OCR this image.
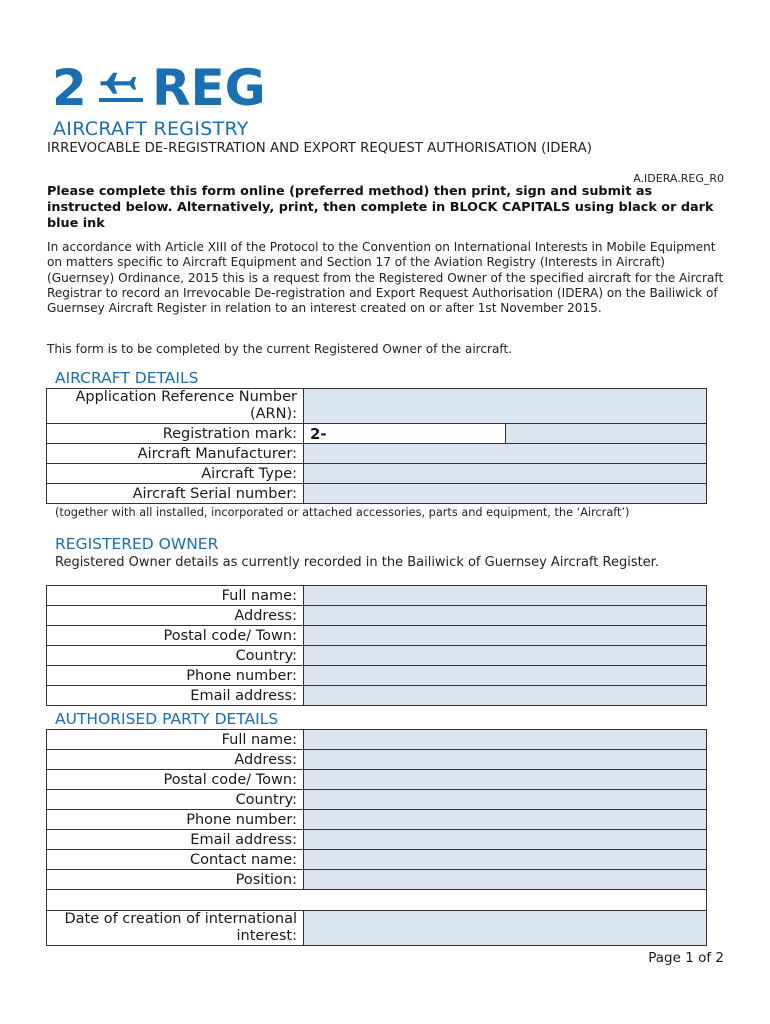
2 REG
AIRCRAFT REGISTRY
IRREVOCABLE DE-REGISTRATION AND EXPORT REQUEST AUTHORISATION (IDERA)
A.IDERA.REG_R0
Please complete this form online (preferred method) then print, sign and submit as instructed below. Alternatively, print, then complete in BLOCK CAPITALS using black or dark blue ink
In accordance with Article XIII of the Protocol to the Convention on International Interests in Mobile Equipment on matters specific to Aircraft Equipment and Section 17 of the Aviation Registry (Interests in Aircraft) (Guernsey) Ordinance, 2015 this is a request from the Registered Owner of the specified aircraft for the Aircraft Registrar to record an Irrevocable De-registration and Export Request Authorisation (IDERA) on the Bailiwick of Guernsey Aircraft Register in relation to an interest created on or after 1st November 2015.
This form is to be completed by the current Registered Owner of the aircraft.
AIRCRAFT DETAILS
Application Reference Number (ARN):		
Registration mark:	2-	
Aircraft Manufacturer:		
Aircraft Type:		
Aircraft Serial number:		
(together with all installed, incorporated or attached accessories, parts and equipment, the ‘Aircraft’)
REGISTERED OWNER
Registered Owner details as currently recorded in the Bailiwick of Guernsey Aircraft Register.
Full name:	
Address:	
Postal code/ Town:	
Country:	
Phone number:	
Email address:	
AUTHORISED PARTY DETAILS
Full name:	
Address:	
Postal code/ Town:	
Country:	
Phone number:	
Email address:	
Contact name:	
Position:	

Date of creation of international interest:	
Page 1 of 2
